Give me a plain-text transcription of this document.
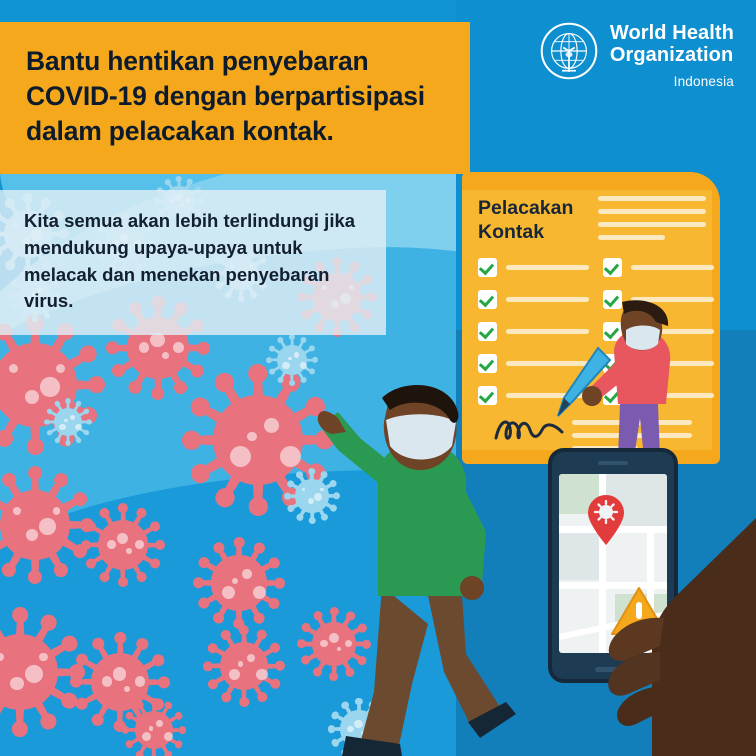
Pelacakan
Kontak

Bantu hentikan penyebaran COVID-19 dengan berpartisipasi dalam pelacakan kontak.

Kita semua akan lebih terlindungi jika mendukung upaya-upaya untuk melacak dan menekan penyebaran virus.

World Health
Organization
Indonesia
